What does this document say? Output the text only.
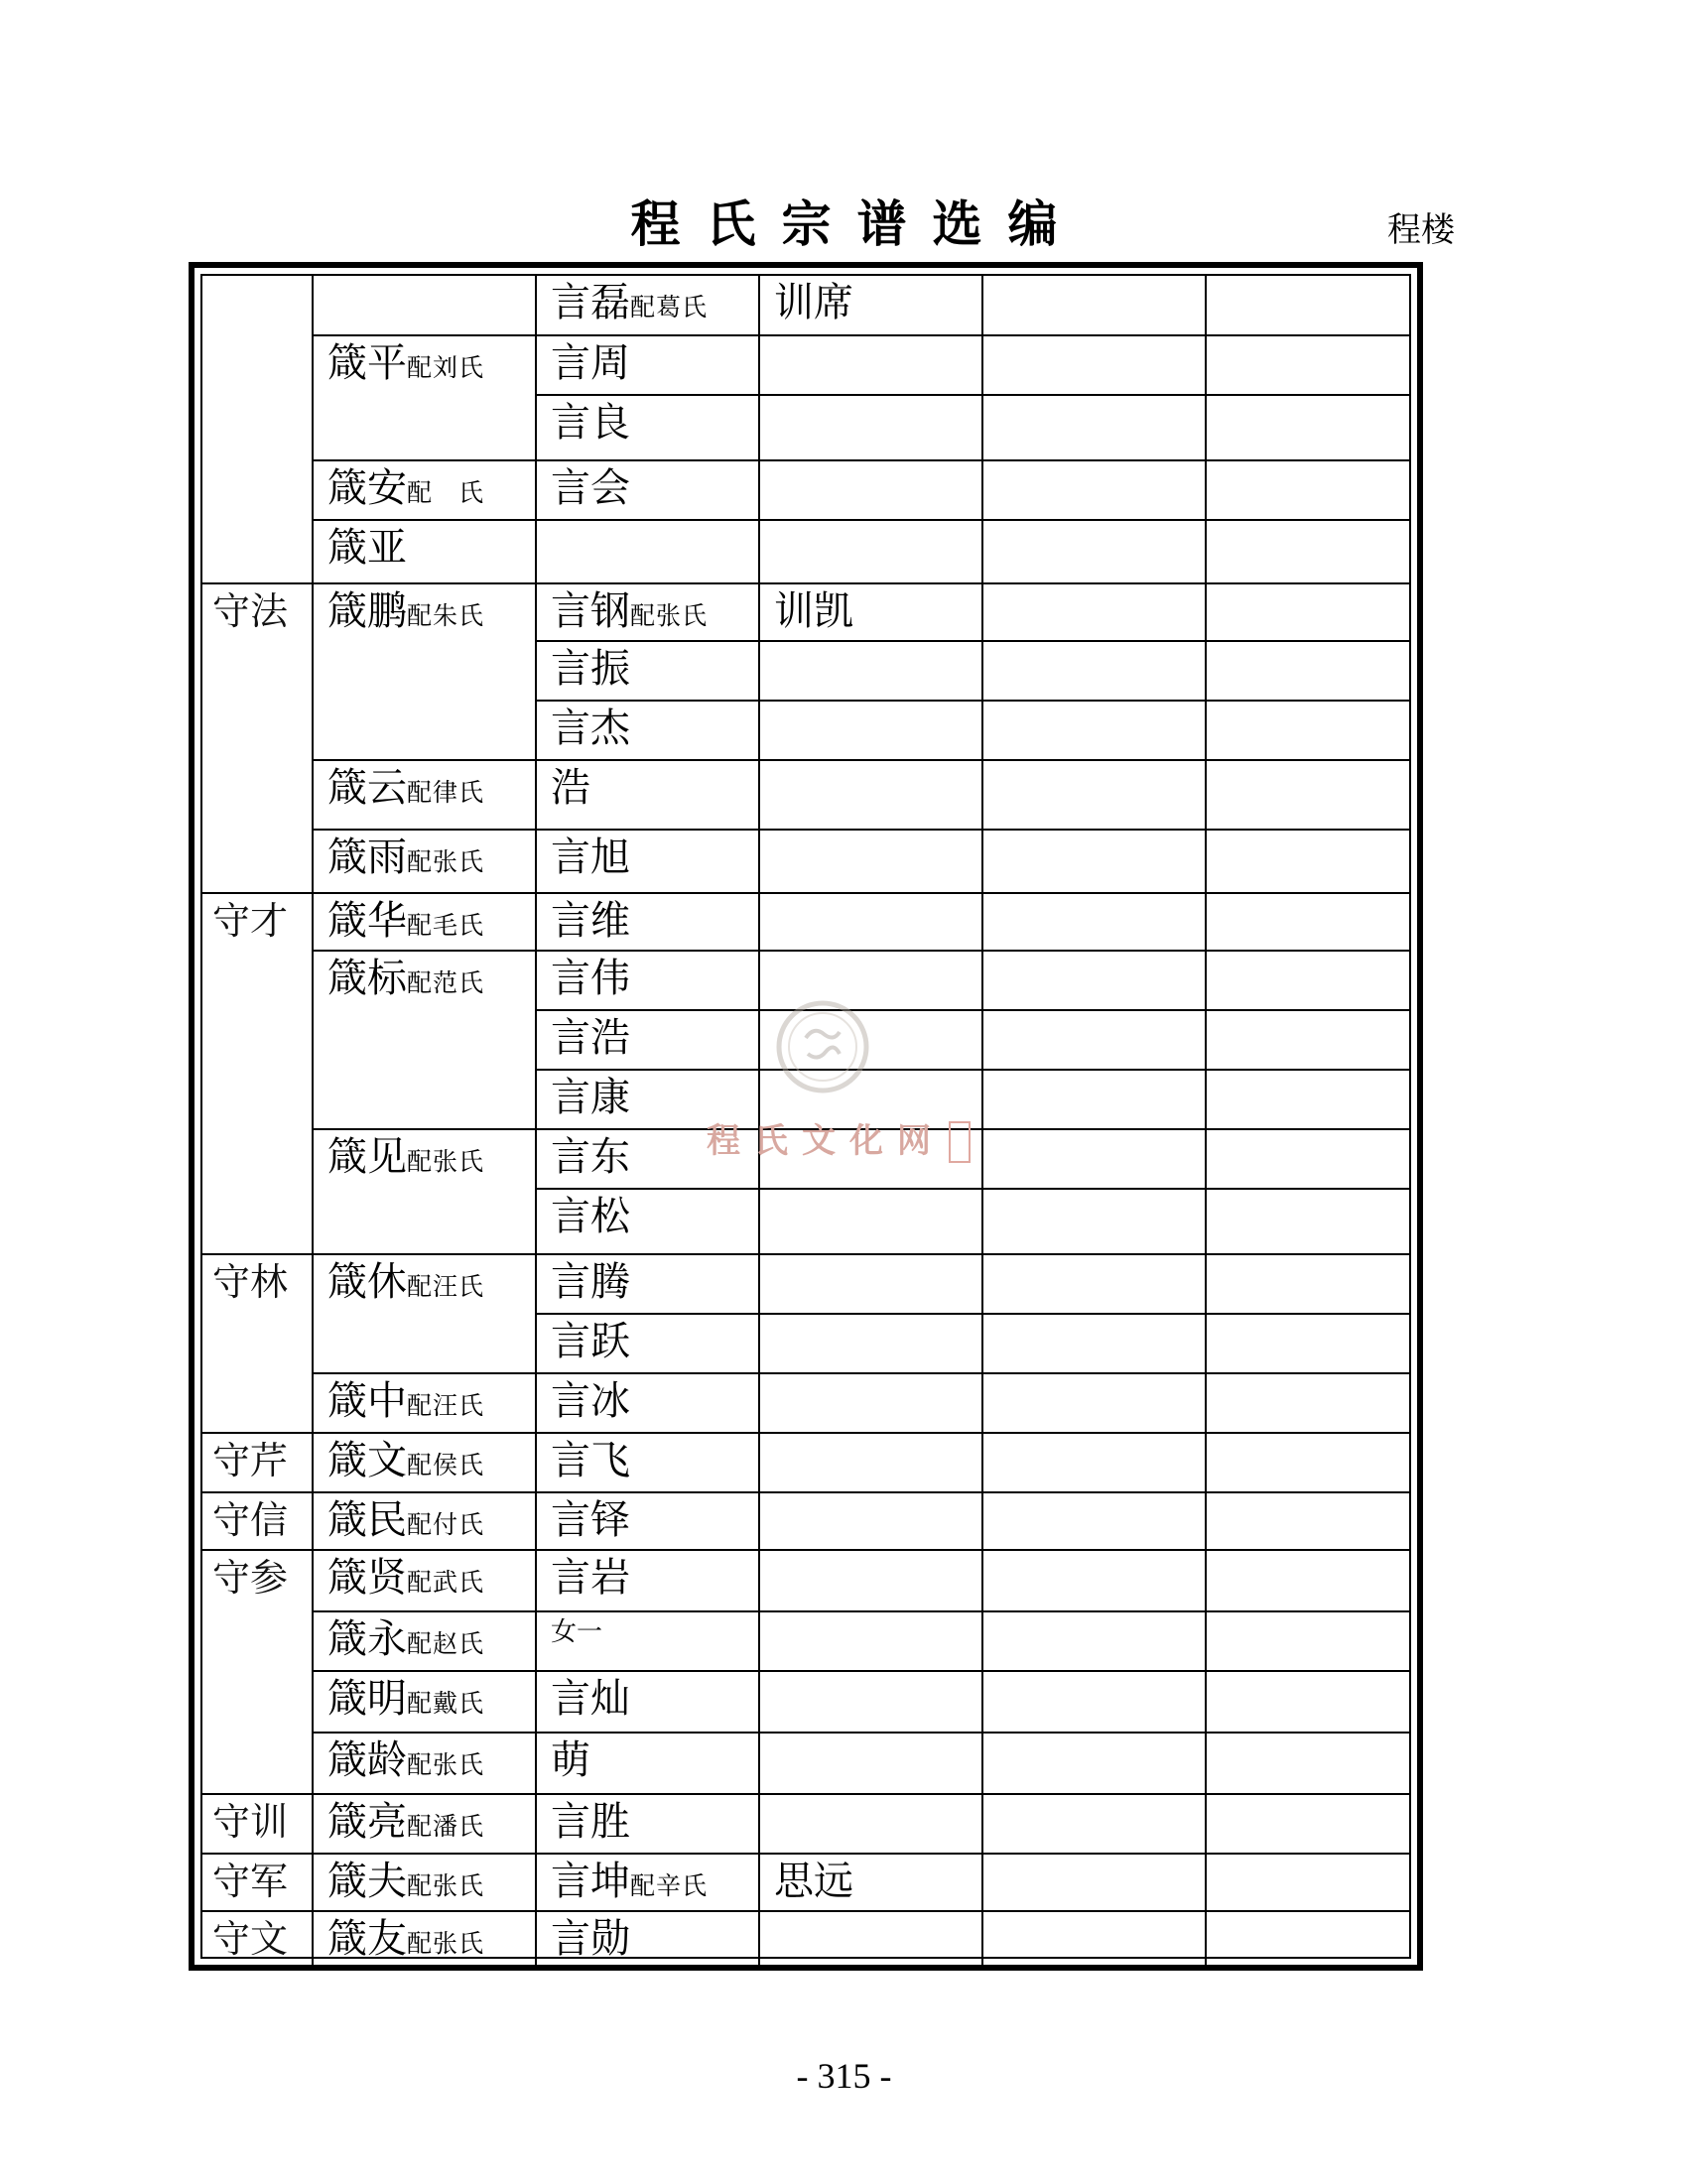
程氏宗谱选编	程楼
		言磊配葛氏	训席		
	箴平配刘氏	言周			
		言良			
	箴安配　氏	言会			
	箴亚				
守法	箴鹏配朱氏	言钢配张氏	训凯		
		言振			
		言杰			
	箴云配律氏	浩			
	箴雨配张氏	言旭			
守才	箴华配毛氏	言维			
	箴标配范氏	言伟			
		言浩			
		言康			
	箴见配张氏	言东			
		言松			
守林	箴休配汪氏	言腾			
		言跃			
	箴中配汪氏	言冰			
守芹	箴文配侯氏	言飞			
守信	箴民配付氏	言铎			
守参	箴贤配武氏	言岩			
	箴永配赵氏	女一			
	箴明配戴氏	言灿			
	箴龄配张氏	萌			
守训	箴亮配潘氏	言胜			
守军	箴夫配张氏	言坤配辛氏	思远		
守文	箴友配张氏	言勋			
程氏文化网
- 315 -
